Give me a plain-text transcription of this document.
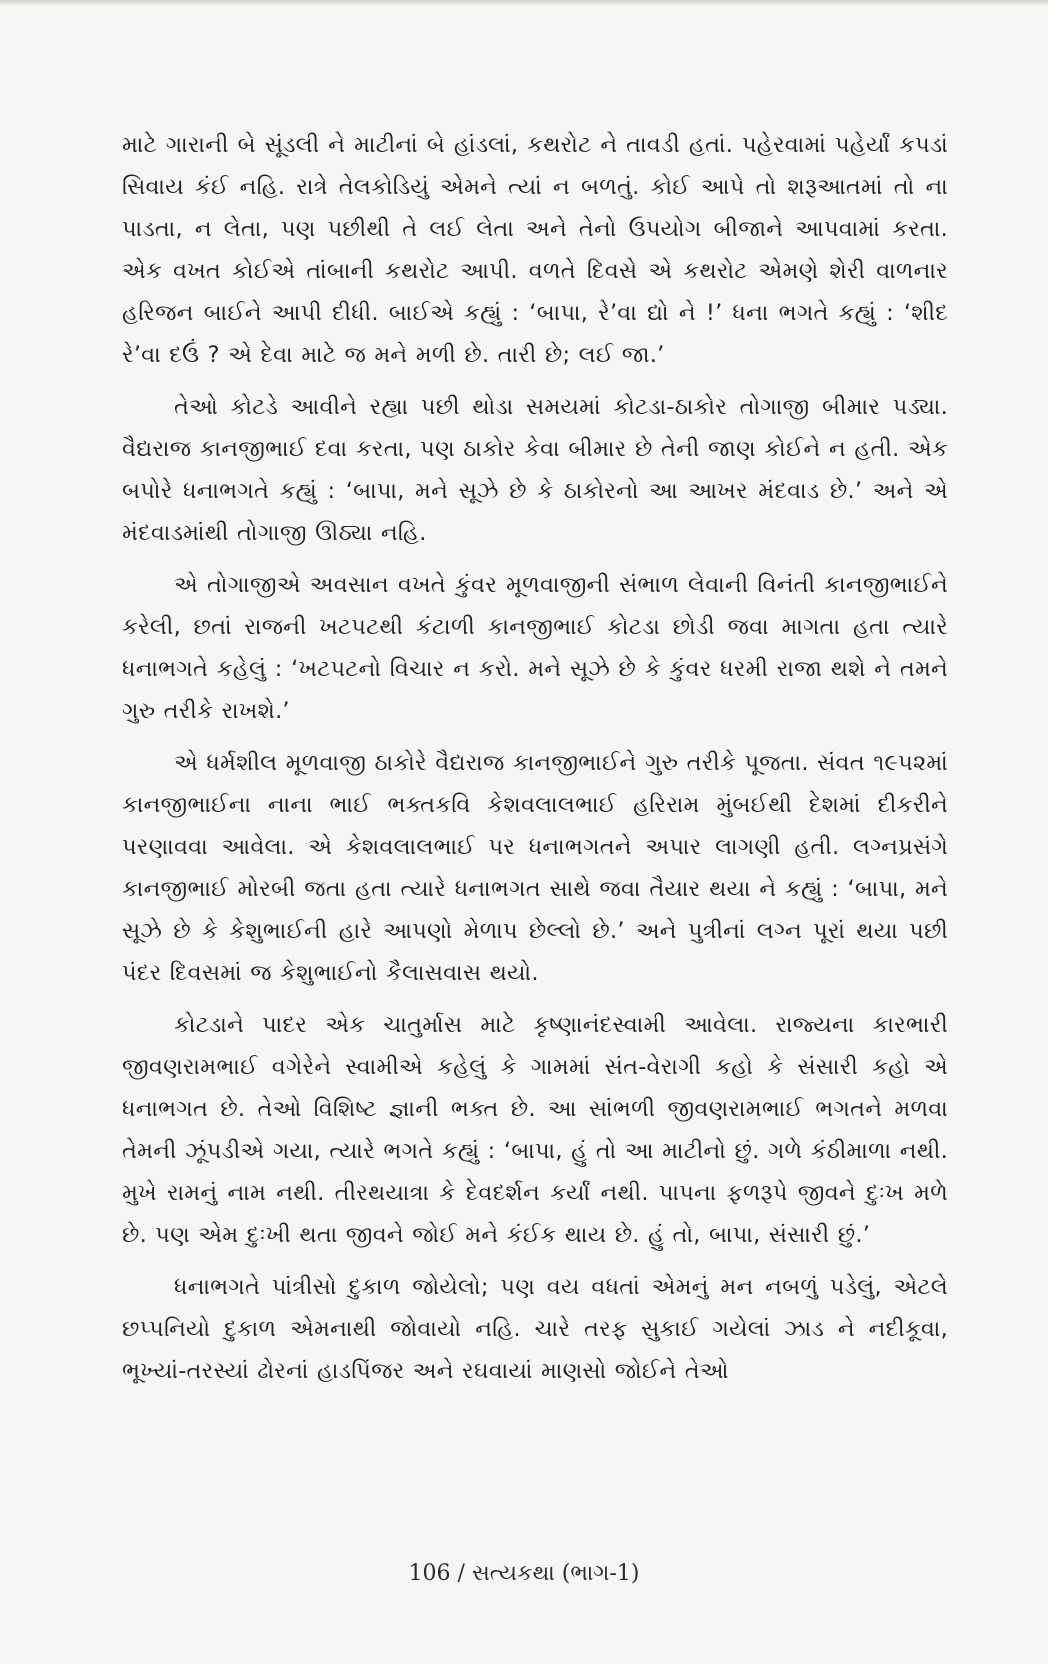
માટે ગારાની બે સૂંડલી ને માટીનાં બે હાંડલાં, કથરોટ ને તાવડી હતાં. પહેરવામાં પહેર્યાં કપડાં સિવાય કંઈ નહિ. રાત્રે તેલકોડિયું એમને ત્યાં ન બળતું. કોઈ આપે તો શરૂઆતમાં તો ના પાડતા, ન લેતા, પણ પછીથી તે લઈ લેતા અને તેનો ઉપયોગ બીજાને આપવામાં કરતા. એક વખત કોઈએ તાંબાની કથરોટ આપી. વળતે દિવસે એ કથરોટ એમણે શેરી વાળનાર હરિજન બાઈને આપી દીધી. બાઈએ કહ્યું : ‘બાપા, રે’વા દ્યો ને !’ ધના ભગતે કહ્યું : ‘શીદ રે’વા દઉં ? એ દેવા માટે જ મને મળી છે. તારી છે; લઈ જા.’

તેઓ કોટડે આવીને રહ્યા પછી થોડા સમયમાં કોટડા-ઠાકોર તોગાજી બીમાર પડ્યા. વૈદ્યરાજ કાનજીભાઈ દવા કરતા, પણ ઠાકોર કેવા બીમાર છે તેની જાણ કોઈને ન હતી. એક બપોરે ધનાભગતે કહ્યું : ‘બાપા, મને સૂઝે છે કે ઠાકોરનો આ આખર મંદવાડ છે.’ અને એ મંદવાડમાંથી તોગાજી ઊઠ્યા નહિ.

એ તોગાજીએ અવસાન વખતે કુંવર મૂળવાજીની સંભાળ લેવાની વિનંતી કાનજીભાઈને કરેલી, છતાં રાજની ખટપટથી કંટાળી કાનજીભાઈ કોટડા છોડી જવા માગતા હતા ત્યારે ધનાભગતે કહેલું : ‘ખટપટનો વિચાર ન કરો. મને સૂઝે છે કે કુંવર ધરમી રાજા થશે ને તમને ગુરુ તરીકે રાખશે.’

એ ધર્મશીલ મૂળવાજી ઠાકોરે વૈદ્યરાજ કાનજીભાઈને ગુરુ તરીકે પૂજતા. સંવત ૧૯૫૨માં કાનજીભાઈના નાના ભાઈ ભક્તકવિ કેશવલાલભાઈ હરિરામ મુંબઈથી દેશમાં દીકરીને પરણાવવા આવેલા. એ કેશવલાલભાઈ પર ધનાભગતને અપાર લાગણી હતી. લગ્નપ્રસંગે કાનજીભાઈ મોરબી જતા હતા ત્યારે ધનાભગત સાથે જવા તૈયાર થયા ને કહ્યું : ‘બાપા, મને સૂઝે છે કે કેશુભાઈની હારે આપણો મેળાપ છેલ્લો છે.’ અને પુત્રીનાં લગ્ન પૂરાં થયા પછી પંદર દિવસમાં જ કેશુભાઈનો કૈલાસવાસ થયો.

કોટડાને પાદર એક ચાતુર્માસ માટે કૃષ્ણાનંદસ્વામી આવેલા. રાજ્યના કારભારી જીવણરામભાઈ વગેરેને સ્વામીએ કહેલું કે ગામમાં સંત-વેરાગી કહો કે સંસારી કહો એ ધનાભગત છે. તેઓ વિશિષ્ટ જ્ઞાની ભક્ત છે. આ સાંભળી જીવણરામભાઈ ભગતને મળવા તેમની ઝૂંપડીએ ગયા, ત્યારે ભગતે કહ્યું : ‘બાપા, હું તો આ માટીનો છું. ગળે કંઠીમાળા નથી. મુખે રામનું નામ નથી. તીરથયાત્રા કે દેવદર્શન કર્યાં નથી. પાપના ફળરૂપે જીવને દુઃખ મળે છે. પણ એમ દુઃખી થતા જીવને જોઈ મને કંઈક થાય છે. હું તો, બાપા, સંસારી છું.’

ધનાભગતે પાંત્રીસો દુકાળ જોયેલો; પણ વય વધતાં એમનું મન નબળું પડેલું, એટલે છપ્પનિયો દુકાળ એમનાથી જોવાયો નહિ. ચારે તરફ સુકાઈ ગયેલાં ઝાડ ને નદીકૂવા, ભૂખ્યાં-તરસ્યાં ઢોરનાં હાડપિંજર અને રઘવાયાં માણસો જોઈને તેઓ

106 / સત્યકથા (ભાગ-1)
